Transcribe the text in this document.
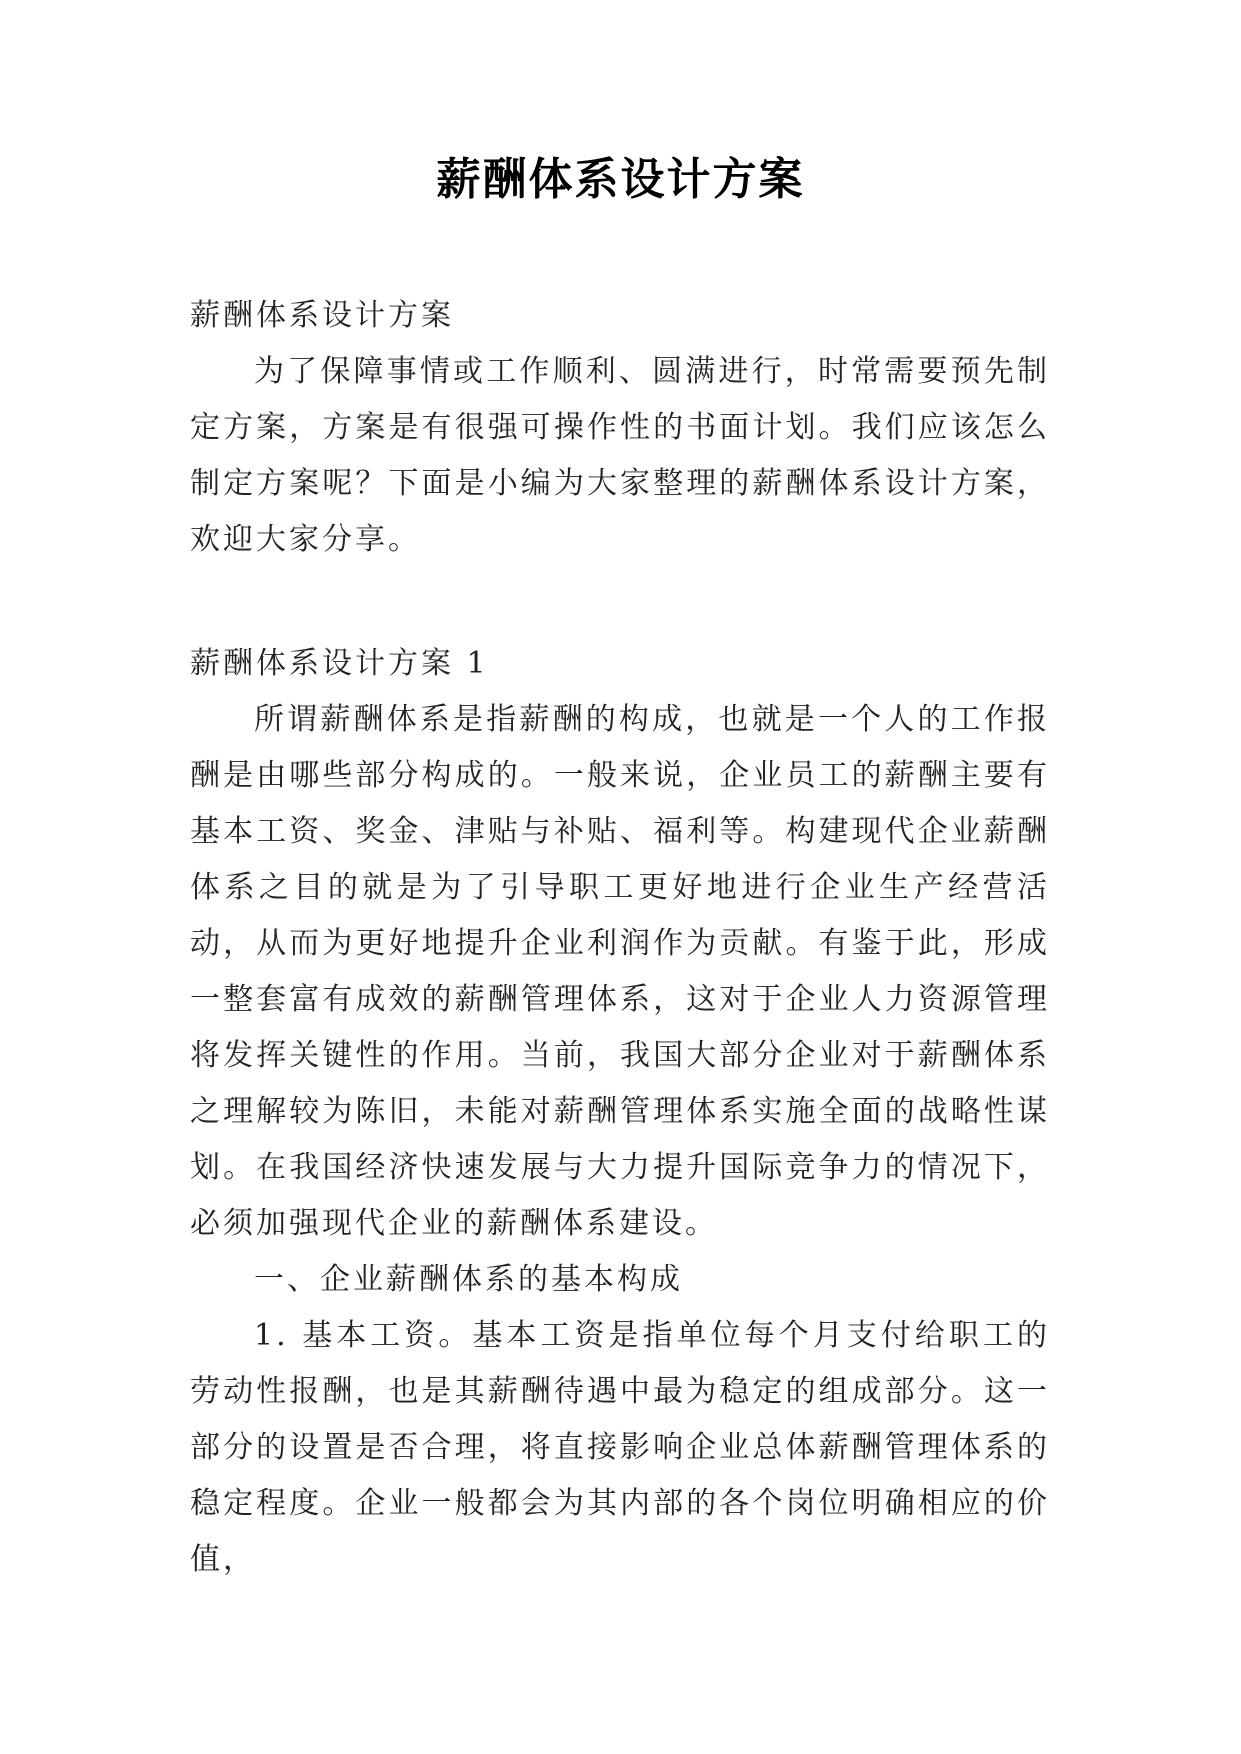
薪酬体系设计方案

薪酬体系设计方案

为了保障事情或工作顺利、圆满进行，时常需要预先制定方案，方案是有很强可操作性的书面计划。我们应该怎么制定方案呢？下面是小编为大家整理的薪酬体系设计方案，欢迎大家分享。

薪酬体系设计方案 1

所谓薪酬体系是指薪酬的构成，也就是一个人的工作报酬是由哪些部分构成的。一般来说，企业员工的薪酬主要有基本工资、奖金、津贴与补贴、福利等。构建现代企业薪酬体系之目的就是为了引导职工更好地进行企业生产经营活动，从而为更好地提升企业利润作为贡献。有鉴于此，形成一整套富有成效的薪酬管理体系，这对于企业人力资源管理将发挥关键性的作用。当前，我国大部分企业对于薪酬体系之理解较为陈旧，未能对薪酬管理体系实施全面的战略性谋划。在我国经济快速发展与大力提升国际竞争力的情况下，必须加强现代企业的薪酬体系建设。

一、企业薪酬体系的基本构成

1. 基本工资。基本工资是指单位每个月支付给职工的劳动性报酬，也是其薪酬待遇中最为稳定的组成部分。这一部分的设置是否合理，将直接影响企业总体薪酬管理体系的稳定程度。企业一般都会为其内部的各个岗位明确相应的价值，
